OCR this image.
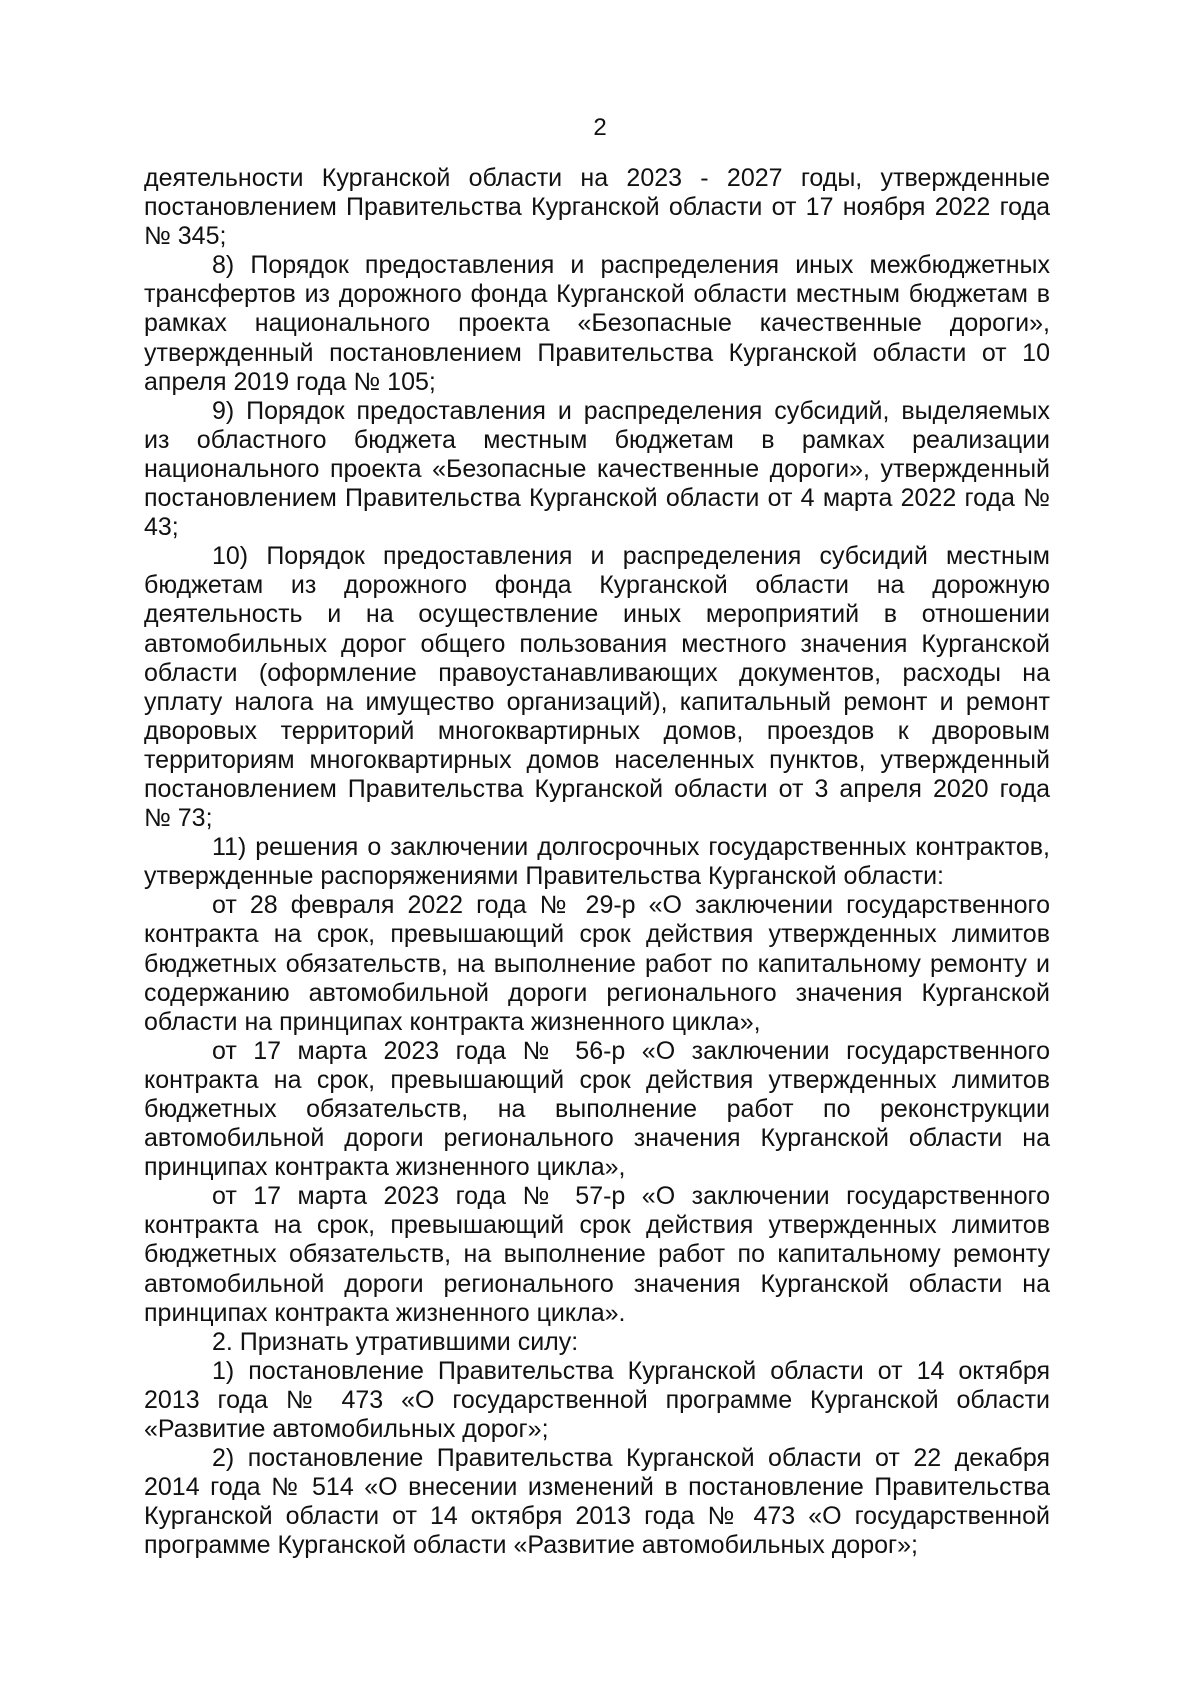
2

деятельности Курганской области на 2023 - 2027 годы, утвержденные постановлением Правительства Курганской области от 17 ноября 2022 года № 345;

8) Порядок предоставления и распределения иных межбюджетных трансфертов из дорожного фонда Курганской области местным бюджетам в рамках национального проекта «Безопасные качественные дороги», утвержденный постановлением Правительства Курганской области от 10 апреля 2019 года № 105;

9) Порядок предоставления и распределения субсидий, выделяемых из областного бюджета местным бюджетам в рамках реализации национального проекта «Безопасные качественные дороги», утвержденный постановлением Правительства Курганской области от 4 марта 2022 года № 43;

10) Порядок предоставления и распределения субсидий местным бюджетам из дорожного фонда Курганской области на дорожную деятельность и на осуществление иных мероприятий в отношении автомобильных дорог общего пользования местного значения Курганской области (оформление правоустанавливающих документов, расходы на уплату налога на имущество организаций), капитальный ремонт и ремонт дворовых территорий многоквартирных домов, проездов к дворовым территориям многоквартирных домов населенных пунктов, утвержденный постановлением Правительства Курганской области от 3 апреля 2020 года № 73;

11) решения о заключении долгосрочных государственных контрактов, утвержденные распоряжениями Правительства Курганской области:

от 28 февраля 2022 года № 29-р «О заключении государственного контракта на срок, превышающий срок действия утвержденных лимитов бюджетных обязательств, на выполнение работ по капитальному ремонту и содержанию автомобильной дороги регионального значения Курганской области на принципах контракта жизненного цикла»,

от 17 марта 2023 года № 56-р «О заключении государственного контракта на срок, превышающий срок действия утвержденных лимитов бюджетных обязательств, на выполнение работ по реконструкции автомобильной дороги регионального значения Курганской области на принципах контракта жизненного цикла»,

от 17 марта 2023 года № 57-р «О заключении государственного контракта на срок, превышающий срок действия утвержденных лимитов бюджетных обязательств, на выполнение работ по капитальному ремонту автомобильной дороги регионального значения Курганской области на принципах контракта жизненного цикла».

2. Признать утратившими силу:

1) постановление Правительства Курганской области от 14 октября 2013 года № 473 «О государственной программе Курганской области «Развитие автомобильных дорог»;

2) постановление Правительства Курганской области от 22 декабря 2014 года № 514 «О внесении изменений в постановление Правительства Курганской области от 14 октября 2013 года № 473 «О государственной программе Курганской области «Развитие автомобильных дорог»;
